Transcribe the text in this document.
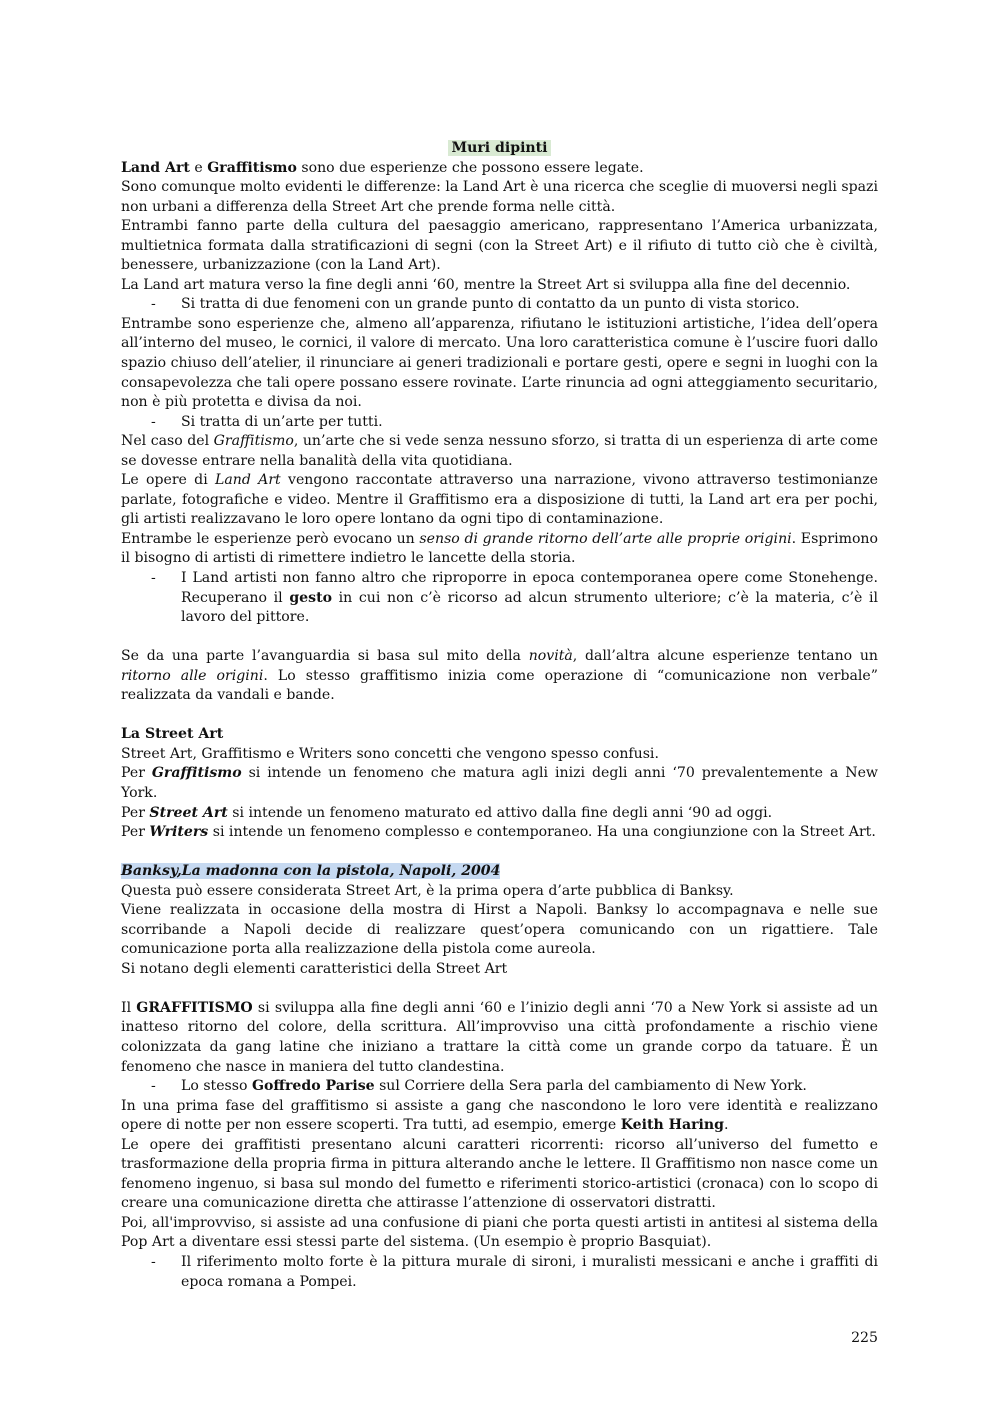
Muri dipinti

Land Art e Graffitismo sono due esperienze che possono essere legate.

Sono comunque molto evidenti le differenze: la Land Art è una ricerca che sceglie di muoversi negli spazi non urbani a differenza della Street Art che prende forma nelle città.

Entrambi fanno parte della cultura del paesaggio americano, rappresentano l’America urbanizzata, multietnica formata dalla stratificazioni di segni (con la Street Art) e il rifiuto di tutto ciò che è civiltà, benessere, urbanizzazione (con la Land Art).

La Land art matura verso la fine degli anni ‘60, mentre la Street Art si sviluppa alla fine del decennio.

- Si tratta di due fenomeni con un grande punto di contatto da un punto di vista storico.

Entrambe sono esperienze che, almeno all’apparenza, rifiutano le istituzioni artistiche, l’idea dell’opera all’interno del museo, le cornici, il valore di mercato. Una loro caratteristica comune è l’uscire fuori dallo spazio chiuso dell’atelier, il rinunciare ai generi tradizionali e portare gesti, opere e segni in luoghi con la consapevolezza che tali opere possano essere rovinate. L’arte rinuncia ad ogni atteggiamento securitario, non è più protetta e divisa da noi.

- Si tratta di un’arte per tutti.

Nel caso del Graffitismo, un’arte che si vede senza nessuno sforzo, si tratta di un esperienza di arte come se dovesse entrare nella banalità della vita quotidiana.

Le opere di Land Art vengono raccontate attraverso una narrazione, vivono attraverso testimonianze parlate, fotografiche e video. Mentre il Graffitismo era a disposizione di tutti, la Land art era per pochi, gli artisti realizzavano le loro opere lontano da ogni tipo di contaminazione.

Entrambe le esperienze però evocano un senso di grande ritorno dell’arte alle proprie origini. Esprimono il bisogno di artisti di rimettere indietro le lancette della storia.

- I Land artisti non fanno altro che riproporre in epoca contemporanea opere come Stonehenge. Recuperano il gesto in cui non c’è ricorso ad alcun strumento ulteriore; c’è la materia, c’è il lavoro del pittore.

Se da una parte l’avanguardia si basa sul mito della novità, dall’altra alcune esperienze tentano un ritorno alle origini. Lo stesso graffitismo inizia come operazione di “comunicazione non verbale” realizzata da vandali e bande.

La Street Art

Street Art, Graffitismo e Writers sono concetti che vengono spesso confusi.

Per Graffitismo si intende un fenomeno che matura agli inizi degli anni ‘70 prevalentemente a New York.

Per Street Art si intende un fenomeno maturato ed attivo dalla fine degli anni ‘90 ad oggi.

Per Writers si intende un fenomeno complesso e contemporaneo. Ha una congiunzione con la Street Art.

Banksy,La madonna con la pistola, Napoli, 2004

Questa può essere considerata Street Art, è la prima opera d’arte pubblica di Banksy.

Viene realizzata in occasione della mostra di Hirst a Napoli. Banksy lo accompagnava e nelle sue scorribande a Napoli decide di realizzare quest’opera comunicando con un rigattiere. Tale comunicazione porta alla realizzazione della pistola come aureola.

Si notano degli elementi caratteristici della Street Art

Il GRAFFITISMO si sviluppa alla fine degli anni ‘60 e l’inizio degli anni ‘70 a New York si assiste ad un inatteso ritorno del colore, della scrittura. All’improvviso una città profondamente a rischio viene colonizzata da gang latine che iniziano a trattare la città come un grande corpo da tatuare. È un fenomeno che nasce in maniera del tutto clandestina.

- Lo stesso Goffredo Parise sul Corriere della Sera parla del cambiamento di New York.

In una prima fase del graffitismo si assiste a gang che nascondono le loro vere identità e realizzano opere di notte per non essere scoperti. Tra tutti, ad esempio, emerge Keith Haring.

Le opere dei graffitisti presentano alcuni caratteri ricorrenti: ricorso all’universo del fumetto e trasformazione della propria firma in pittura alterando anche le lettere. Il Graffitismo non nasce come un fenomeno ingenuo, si basa sul mondo del fumetto e riferimenti storico-artistici (cronaca) con lo scopo di creare una comunicazione diretta che attirasse l’attenzione di osservatori distratti.

Poi, all'improvviso, si assiste ad una confusione di piani che porta questi artisti in antitesi al sistema della Pop Art a diventare essi stessi parte del sistema. (Un esempio è proprio Basquiat).

- Il riferimento molto forte è la pittura murale di sironi, i muralisti messicani e anche i graffiti di epoca romana a Pompei.
225
